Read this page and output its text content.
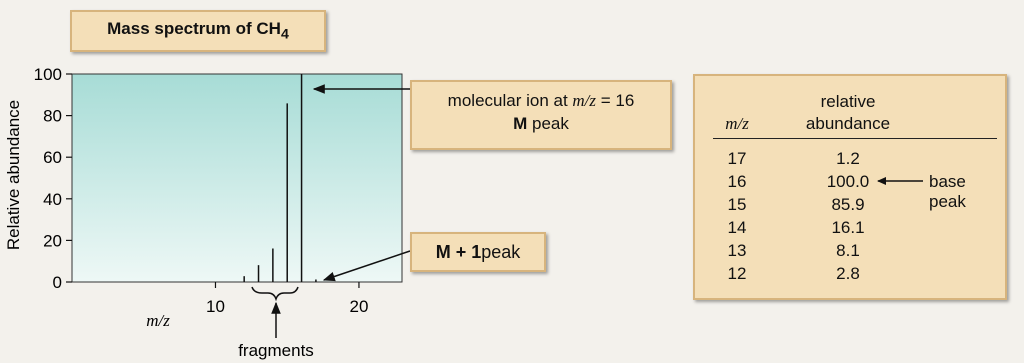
Mass spectrum of $CH_4$
0
20
40
60
80
100
10	20
Relative abundance
m/z
fragments
molecular ion at m/z = 16
M peak
M + 1 peak
m/z
relative
abundance
17	1.2
16	100.0
15	85.9
14	16.1
13	8.1
12	2.8
base peak
